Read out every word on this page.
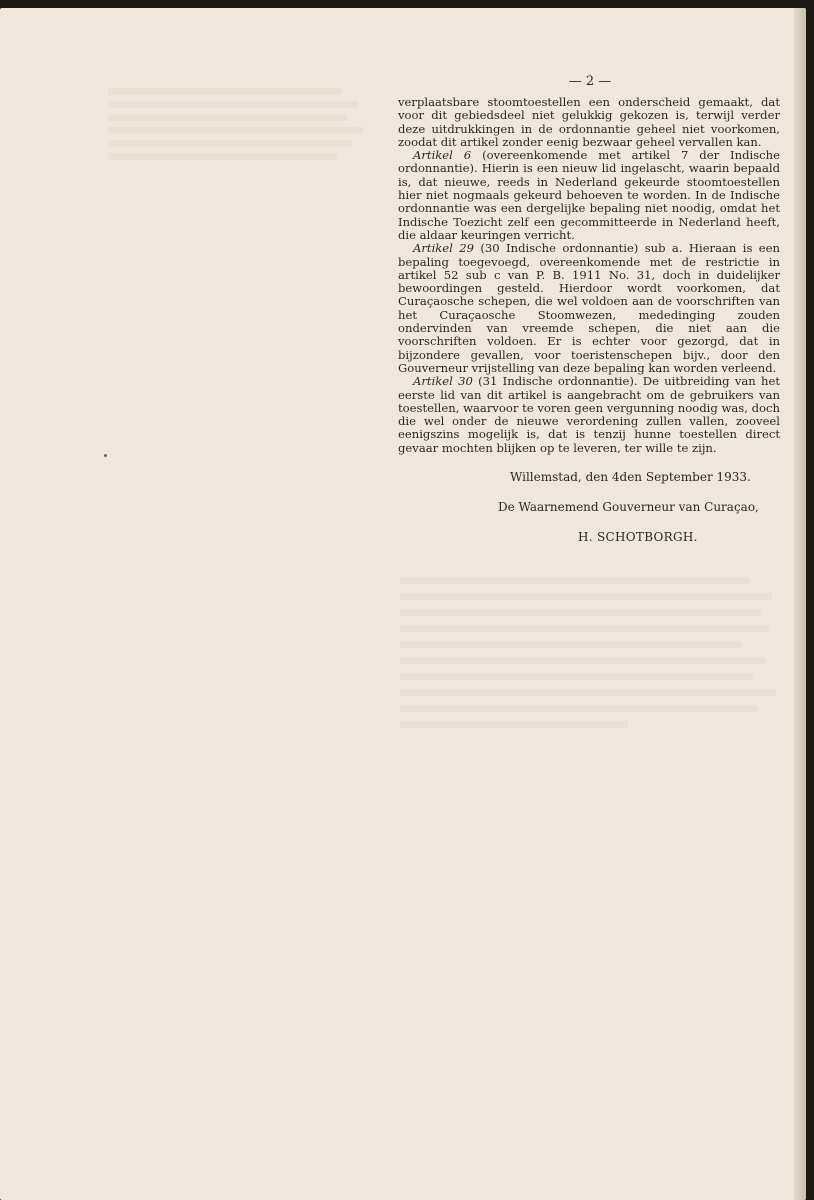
— 2 —

verplaatsbare stoomtoestellen een onderscheid gemaakt, dat voor dit gebiedsdeel niet gelukkig gekozen is, terwijl verder deze uitdrukkingen in de ordonnantie geheel niet voorkomen, zoodat dit artikel zonder eenig bezwaar geheel vervallen kan.

Artikel 6 (overeenkomende met artikel 7 der Indische ordonnantie). Hierin is een nieuw lid ingelascht, waarin bepaald is, dat nieuwe, reeds in Nederland gekeurde stoomtoestellen hier niet nogmaals gekeurd behoeven te worden. In de Indische ordonnantie was een dergelijke bepaling niet noodig, omdat het Indische Toezicht zelf een gecommitteerde in Nederland heeft, die aldaar keuringen verricht.

Artikel 29 (30 Indische ordonnantie) sub a. Hieraan is een bepaling toegevoegd, overeenkomende met de restrictie in artikel 52 sub c van P. B. 1911 No. 31, doch in duidelijker bewoordingen gesteld. Hierdoor wordt voorkomen, dat Curaçaosche schepen, die wel voldoen aan de voorschriften van het Curaçaosche Stoomwezen, mededinging zouden ondervinden van vreemde schepen, die niet aan die voorschriften voldoen. Er is echter voor gezorgd, dat in bijzondere gevallen, voor toeristenschepen bijv., door den Gouverneur vrijstelling van deze bepaling kan worden verleend.

Artikel 30 (31 Indische ordonnantie). De uitbreiding van het eerste lid van dit artikel is aangebracht om de gebruikers van toestellen, waarvoor te voren geen vergunning noodig was, doch die wel onder de nieuwe verordening zullen vallen, zooveel eenigszins mogelijk is, dat is tenzij hunne toestellen direct gevaar mochten blijken op te leveren, ter wille te zijn.

Willemstad, den 4den September 1933.
De Waarnemend Gouverneur van Curaçao,
H. SCHOTBORGH.
